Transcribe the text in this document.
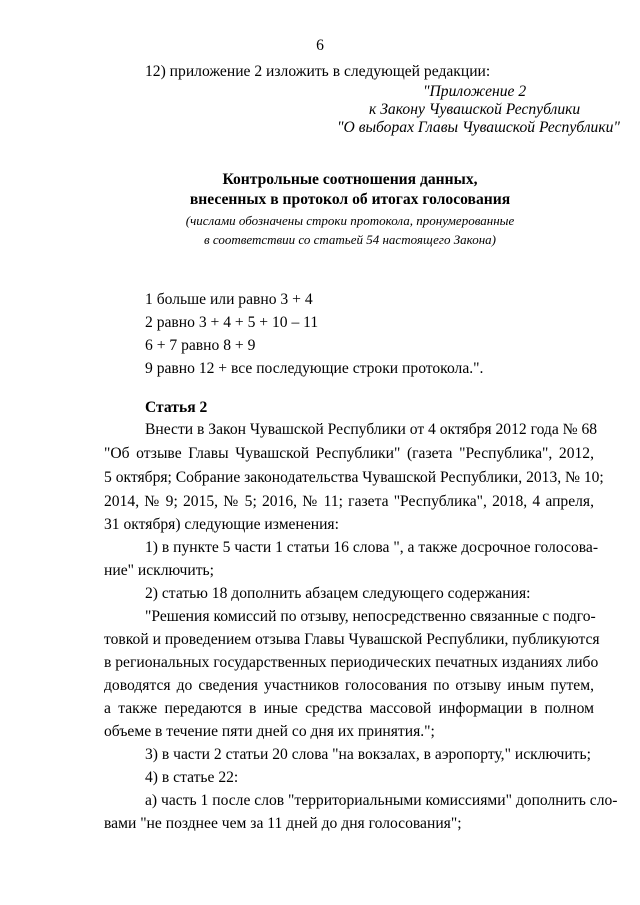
6
12) приложение 2 изложить в следующей редакции:
"Приложение 2
к Закону Чувашской Республики
"О выборах Главы Чувашской Республики"
Контрольные соотношения данных,
внесенных в протокол об итогах голосования
(числами обозначены строки протокола, пронумерованные
в соответствии со статьей 54 настоящего Закона)
1 больше или равно 3 + 4
2 равно 3 + 4 + 5 + 10 – 11
6 + 7 равно 8 + 9
9 равно 12 + все последующие строки протокола.".
Статья 2
Внести в Закон Чувашской Республики от 4 октября 2012 года № 68
"Об отзыве Главы Чувашской Республики" (газета "Республика", 2012,
5 октября; Собрание законодательства Чувашской Республики, 2013, № 10;
2014, № 9; 2015, № 5; 2016, № 11; газета "Республика", 2018, 4 апреля,
31 октября) следующие изменения:
1) в пункте 5 части 1 статьи 16 слова ", а также досрочное голосова-
ние" исключить;
2) статью 18 дополнить абзацем следующего содержания:
"Решения комиссий по отзыву, непосредственно связанные с подго-
товкой и проведением отзыва Главы Чувашской Республики, публикуются
в региональных государственных периодических печатных изданиях либо
доводятся до сведения участников голосования по отзыву иным путем,
а также передаются в иные средства массовой информации в полном
объеме в течение пяти дней со дня их принятия.";
3) в части 2 статьи 20 слова "на вокзалах, в аэропорту," исключить;
4) в статье 22:
а) часть 1 после слов "территориальными комиссиями" дополнить сло-
вами "не позднее чем за 11 дней до дня голосования";
